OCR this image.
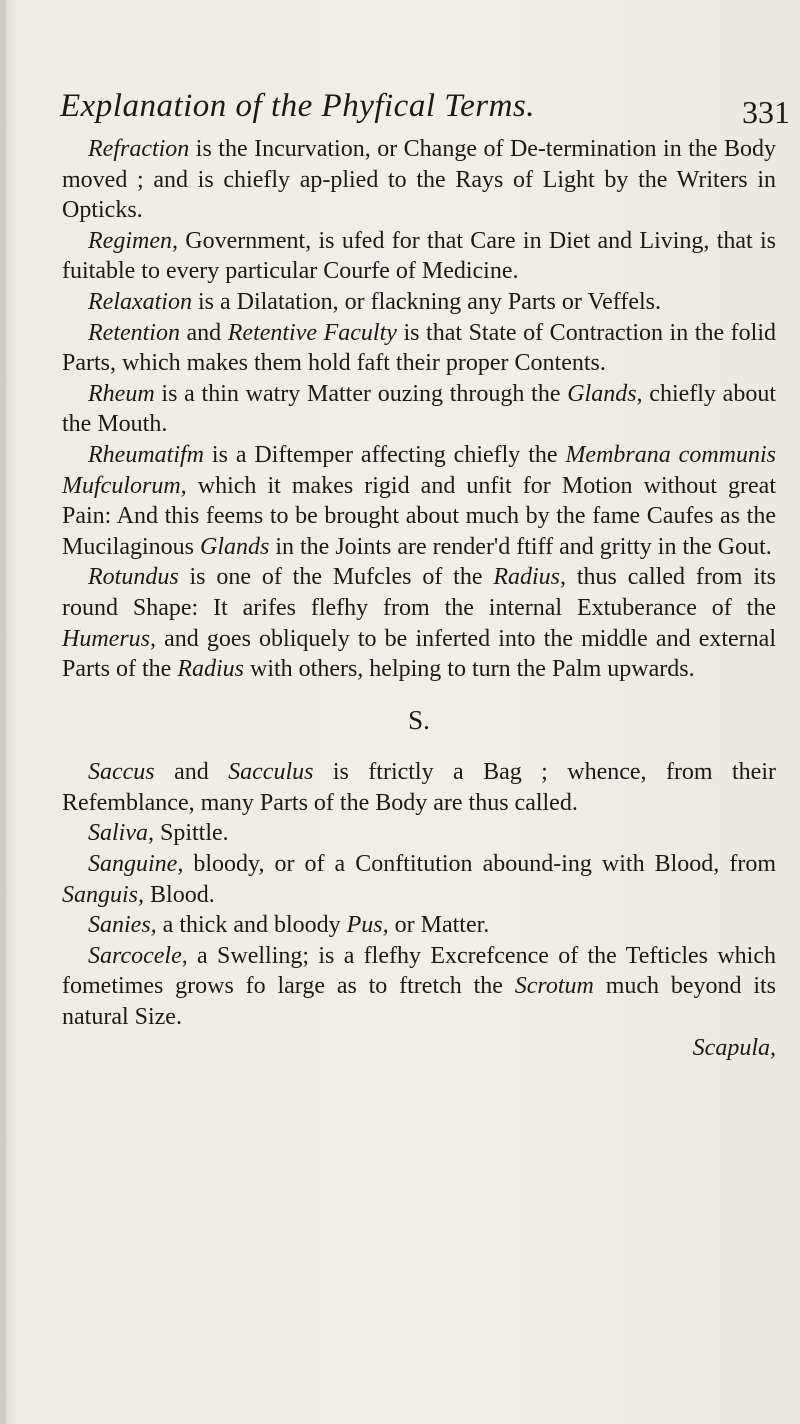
Explanation of the Phyfical Terms.	331

Refraction is the Incurvation, or Change of De-termination in the Body moved ; and is chiefly ap-plied to the Rays of Light by the Writers in Opticks.

Regimen, Government, is ufed for that Care in Diet and Living, that is fuitable to every particular Courfe of Medicine.

Relaxation is a Dilatation, or flackning any Parts or Veffels.

Retention and Retentive Faculty is that State of Contraction in the folid Parts, which makes them hold faft their proper Contents.

Rheum is a thin watry Matter ouzing through the Glands, chiefly about the Mouth.

Rheumatifm is a Diftemper affecting chiefly the Membrana communis Mufculorum, which it makes rigid and unfit for Motion without great Pain: And this feems to be brought about much by the fame Caufes as the Mucilaginous Glands in the Joints are render'd ftiff and gritty in the Gout.

Rotundus is one of the Mufcles of the Radius, thus called from its round Shape: It arifes flefhy from the internal Extuberance of the Humerus, and goes obliquely to be inferted into the middle and external Parts of the Radius with others, helping to turn the Palm upwards.

S.

Saccus and Sacculus is ftrictly a Bag ; whence, from their Refemblance, many Parts of the Body are thus called.

Saliva, Spittle.

Sanguine, bloody, or of a Conftitution abound-ing with Blood, from Sanguis, Blood.

Sanies, a thick and bloody Pus, or Matter.

Sarcocele, a Swelling; is a flefhy Excrefcence of the Tefticles which fometimes grows fo large as to ftretch the Scrotum much beyond its natural Size.

Scapula,
